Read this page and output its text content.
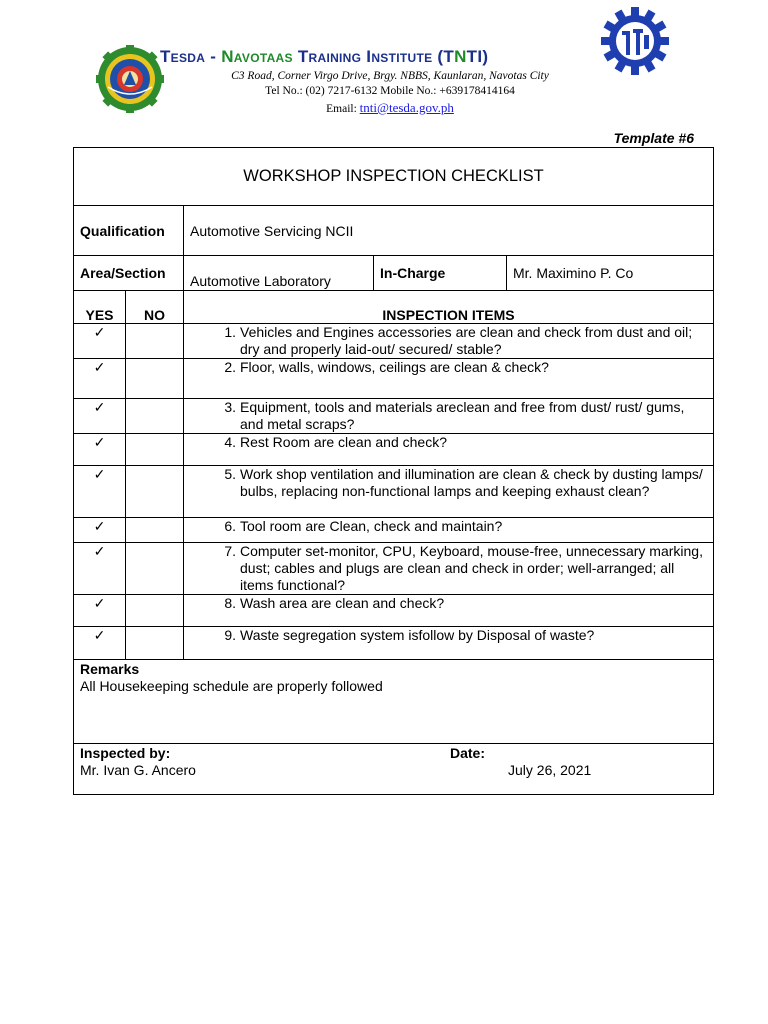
Tesda - Navotaas Training Institute (TNTI)
C3 Road, Corner Virgo Drive, Brgy. NBBS, Kaunlaran, Navotas City
Tel No.: (02) 7217-6132 Mobile No.: +639178414164
Email: tnti@tesda.gov.ph
Template #6
WORKSHOP INSPECTION CHECKLIST				
Qualification		Automotive Servicing NCII		
Area/Section		Automotive Laboratory	In-Charge	Mr. Maximino P. Co
YES	NO	INSPECTION ITEMS		
✓		1. Vehicles and Engines accessories are clean and check from dust and oil; dry and properly laid-out/ secured/ stable?		

✓		2. Floor, walls, windows, ceilings are clean & check?		

✓		3. Equipment, tools and materials areclean and free from dust/ rust/ gums, and metal scraps?		

✓		4. Rest Room are clean and check?		

✓		5. Work shop ventilation and illumination are clean & check by dusting lamps/ bulbs, replacing non-functional lamps and keeping exhaust clean?		

✓		6. Tool room are Clean, check and maintain?		

✓		7. Computer set-monitor, CPU, Keyboard, mouse-free, unnecessary marking, dust; cables and plugs are clean and check in order; well-arranged; all items functional?		

✓		8. Wash area are clean and check?		

✓		9. Waste segregation system isfollow by Disposal of waste?		

Remarks
All Housekeeping schedule are properly followed				

Inspected by:
Mr. Ivan G. Ancero
Date:
July 26, 2021				
